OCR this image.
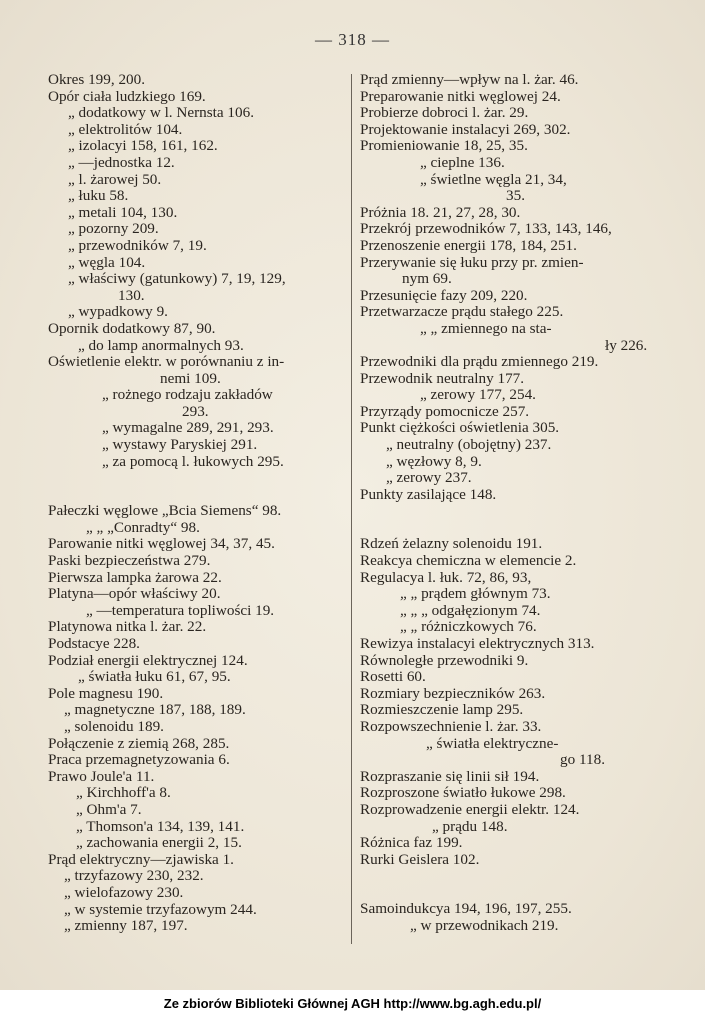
— 318 —
Okres 199, 200.
Opór ciała ludzkiego 169.
„ dodatkowy w l. Nernsta 106.
„ elektrolitów 104.
„ izolacyi 158, 161, 162.
„ —jednostka 12.
„ l. żarowej 50.
„ łuku 58.
„ metali 104, 130.
„ pozorny 209.
„ przewodników 7, 19.
„ węgla 104.
„ właściwy (gatunkowy) 7, 19, 129,
130.
„ wypadkowy 9.
Opornik dodatkowy 87, 90.
„ do lamp anormalnych 93.
Oświetlenie elektr. w porównaniu z in-
nemi 109.
„ rożnego rodzaju zakładów
293.
„ wymagalne 289, 291, 293.
„ wystawy Paryskiej 291.
„ za pomocą l. łukowych 295.
Pałeczki węglowe „Bcia Siemens“ 98.
„ „ „Conradty“ 98.
Parowanie nitki węglowej 34, 37, 45.
Paski bezpieczeństwa 279.
Pierwsza lampka żarowa 22.
Platyna—opór właściwy 20.
„ —temperatura topliwości 19.
Platynowa nitka l. żar. 22.
Podstacye 228.
Podział energii elektrycznej 124.
„ światła łuku 61, 67, 95.
Pole magnesu 190.
„ magnetyczne 187, 188, 189.
„ solenoidu 189.
Połączenie z ziemią 268, 285.
Praca przemagnetyzowania 6.
Prawo Joule'a 11.
„ Kirchhoff'a 8.
„ Ohm'a 7.
„ Thomson'a 134, 139, 141.
„ zachowania energii 2, 15.
Prąd elektryczny—zjawiska 1.
„ trzyfazowy 230, 232.
„ wielofazowy 230.
„ w systemie trzyfazowym 244.
„ zmienny 187, 197.
Prąd zmienny—wpływ na l. żar. 46.
Preparowanie nitki węglowej 24.
Probierze dobroci l. żar. 29.
Projektowanie instalacyi 269, 302.
Promieniowanie 18, 25, 35.
„ cieplne 136.
„ świetlne węgla 21, 34,
35.
Próżnia 18. 21, 27, 28, 30.
Przekrój przewodników 7, 133, 143, 146,
Przenoszenie energii 178, 184, 251.
Przerywanie się łuku przy pr. zmien-
nym 69.
Przesunięcie fazy 209, 220.
Przetwarzacze prądu stałego 225.
„ „ zmiennego na sta-
ły 226.
Przewodniki dla prądu zmiennego 219.
Przewodnik neutralny 177.
„ zerowy 177, 254.
Przyrządy pomocnicze 257.
Punkt ciężkości oświetlenia 305.
„ neutralny (obojętny) 237.
„ węzłowy 8, 9.
„ zerowy 237.
Punkty zasilające 148.
Rdzeń żelazny solenoidu 191.
Reakcya chemiczna w elemencie 2.
Regulacya l. łuk. 72, 86, 93,
„ „ prądem głównym 73.
„ „ „ odgałęzionym 74.
„ „ różniczkowych 76.
Rewizya instalacyi elektrycznych 313.
Równoległe przewodniki 9.
Rosetti 60.
Rozmiary bezpieczników 263.
Rozmieszczenie lamp 295.
Rozpowszechnienie l. żar. 33.
„ światła elektryczne-
go 118.
Rozpraszanie się linii sił 194.
Rozproszone światło łukowe 298.
Rozprowadzenie energii elektr. 124.
„ prądu 148.
Różnica faz 199.
Rurki Geislera 102.
Samoindukcya 194, 196, 197, 255.
„ w przewodnikach 219.
Ze zbiorów Biblioteki Głównej AGH http://www.bg.agh.edu.pl/
